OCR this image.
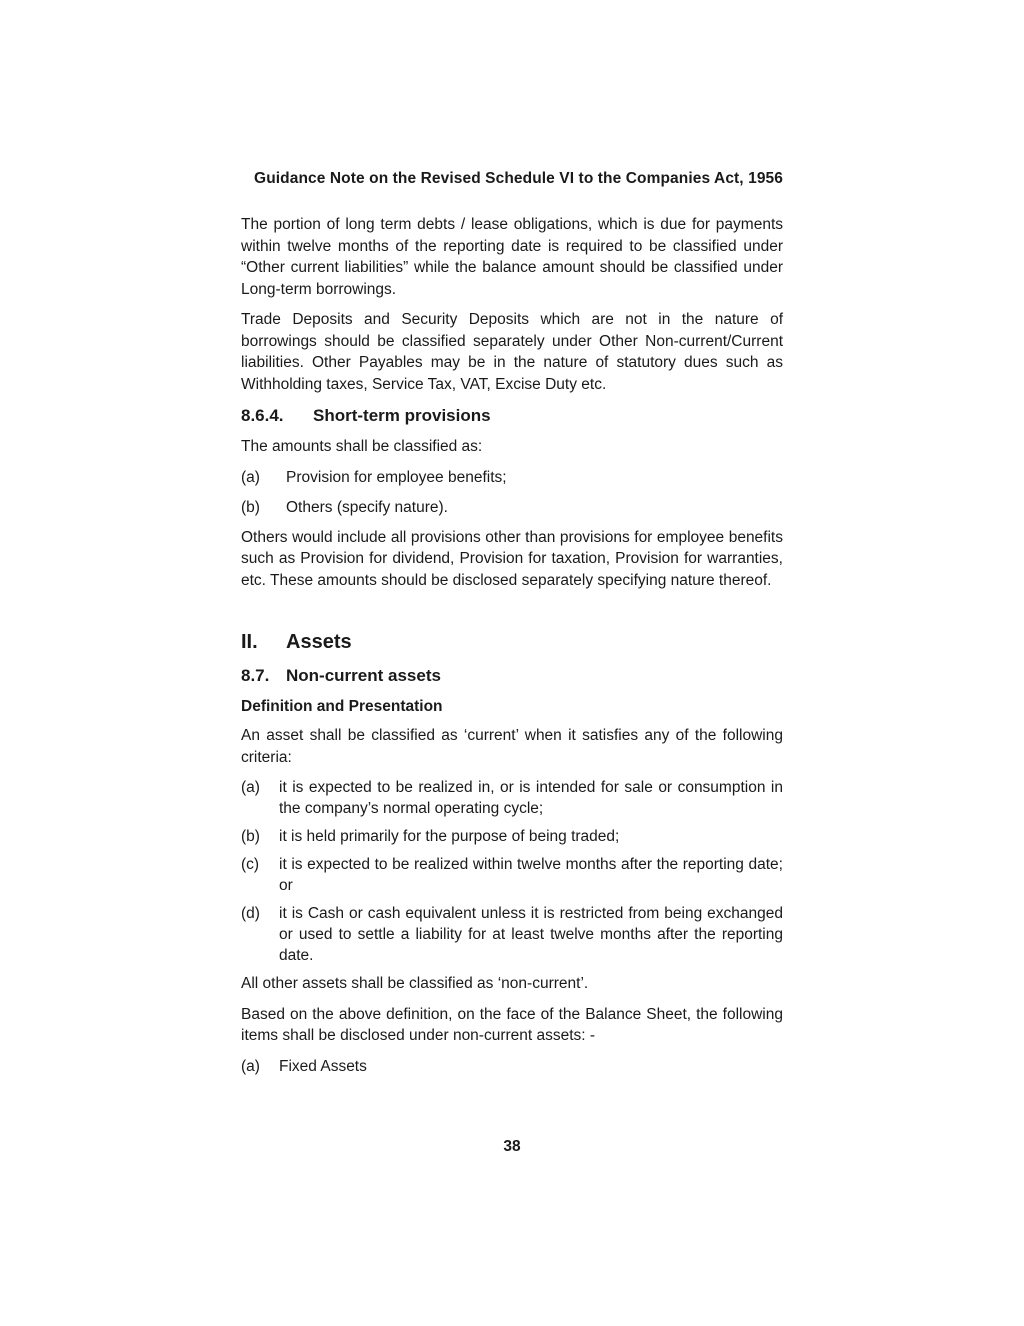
Guidance Note on the Revised Schedule VI to the Companies Act, 1956

The portion of long term debts / lease obligations, which is due for payments within twelve months of the reporting date is required to be classified under “Other current liabilities” while the balance amount should be classified under Long-term borrowings.

Trade Deposits and Security Deposits which are not in the nature of borrowings should be classified separately under Other Non-current/Current liabilities. Other Payables may be in the nature of statutory dues such as Withholding taxes, Service Tax, VAT, Excise Duty etc.

8.6.4.	Short-term provisions

The amounts shall be classified as:

(a)	Provision for employee benefits;
(b)	Others (specify nature).

Others would include all provisions other than provisions for employee benefits such as Provision for dividend, Provision for taxation, Provision for warranties, etc. These amounts should be disclosed separately specifying nature thereof.

II.	Assets
8.7. Non-current assets
Definition and Presentation

An asset shall be classified as ‘current’ when it satisfies any of the following criteria:

(a)	it is expected to be realized in, or is intended for sale or consumption in the company’s normal operating cycle;
(b)	it is held primarily for the purpose of being traded;
(c)	it is expected to be realized within twelve months after the reporting date; or
(d)	it is Cash or cash equivalent unless it is restricted from being exchanged or used to settle a liability for at least twelve months after the reporting date.

All other assets shall be classified as ‘non-current’.

Based on the above definition, on the face of the Balance Sheet, the following items shall be disclosed under non-current assets: -

(a)	Fixed Assets
38
